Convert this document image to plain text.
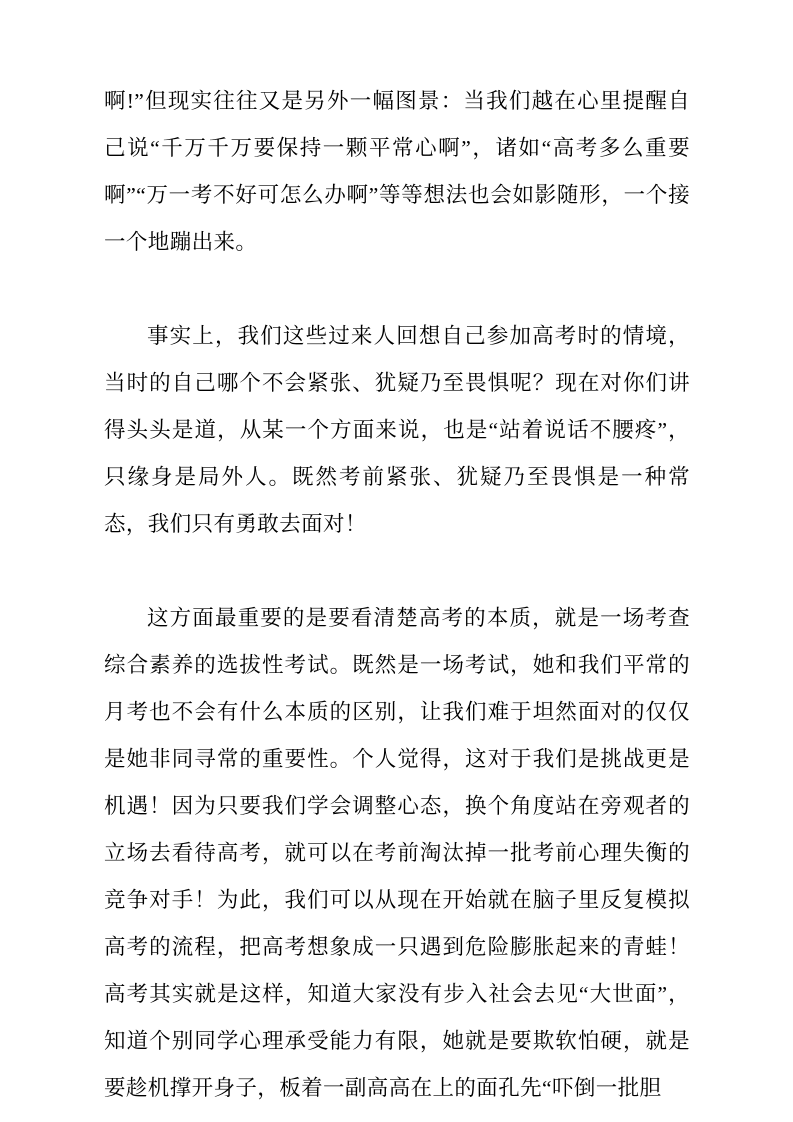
啊!”但现实往往又是另外一幅图景：当我们越在心里提醒自己说“千万千万要保持一颗平常心啊”，诸如“高考多么重要啊”“万一考不好可怎么办啊”等等想法也会如影随形，一个接一个地蹦出来。

事实上，我们这些过来人回想自己参加高考时的情境，当时的自己哪个不会紧张、犹疑乃至畏惧呢？现在对你们讲得头头是道，从某一个方面来说，也是“站着说话不腰疼”，只缘身是局外人。既然考前紧张、犹疑乃至畏惧是一种常态，我们只有勇敢去面对！

这方面最重要的是要看清楚高考的本质，就是一场考查综合素养的选拔性考试。既然是一场考试，她和我们平常的月考也不会有什么本质的区别，让我们难于坦然面对的仅仅是她非同寻常的重要性。个人觉得，这对于我们是挑战更是机遇！因为只要我们学会调整心态，换个角度站在旁观者的立场去看待高考，就可以在考前淘汰掉一批考前心理失衡的竞争对手！为此，我们可以从现在开始就在脑子里反复模拟高考的流程，把高考想象成一只遇到危险膨胀起来的青蛙！高考其实就是这样，知道大家没有步入社会去见“大世面”，知道个别同学心理承受能力有限，她就是要欺软怕硬，就是要趁机撑开身子，板着一副高高在上的面孔先“吓倒一批胆
